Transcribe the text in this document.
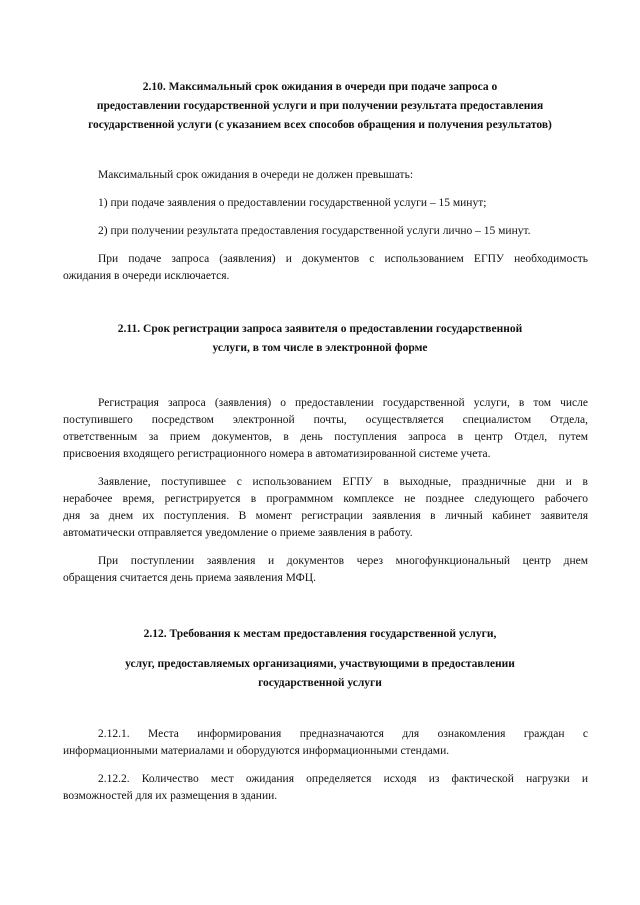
2.10. Максимальный срок ожидания в очереди при подаче запроса о
предоставлении государственной услуги и при получении результата предоставления
государственной услуги (с указанием всех способов обращения и получения результатов)
Максимальный срок ожидания в очереди не должен превышать:
1) при подаче заявления о предоставлении государственной услуги – 15 минут;
2) при получении результата предоставления государственной услуги лично – 15 минут.
При подаче запроса (заявления) и документов с использованием ЕГПУ необходимость
ожидания в очереди исключается.
2.11. Срок регистрации запроса заявителя о предоставлении государственной
услуги, в том числе в электронной форме
Регистрация запроса (заявления) о предоставлении государственной услуги, в том числе
поступившего посредством электронной почты, осуществляется специалистом Отдела,
ответственным за прием документов, в день поступления запроса в центр Отдел, путем
присвоения входящего регистрационного номера в автоматизированной системе учета.
Заявление, поступившее с использованием ЕГПУ в выходные, праздничные дни и в
нерабочее время, регистрируется в программном комплексе не позднее следующего рабочего
дня за днем их поступления. В момент регистрации заявления в личный кабинет заявителя
автоматически отправляется уведомление о приеме заявления в работу.
При поступлении заявления и документов через многофункциональный центр днем
обращения считается день приема заявления МФЦ.
2.12. Требования к местам предоставления государственной услуги,
услуг, предоставляемых организациями, участвующими в предоставлении
государственной услуги
2.12.1. Места информирования предназначаются для ознакомления граждан с
информационными материалами и оборудуются информационными стендами.
2.12.2. Количество мест ожидания определяется исходя из фактической нагрузки и
возможностей для их размещения в здании.
